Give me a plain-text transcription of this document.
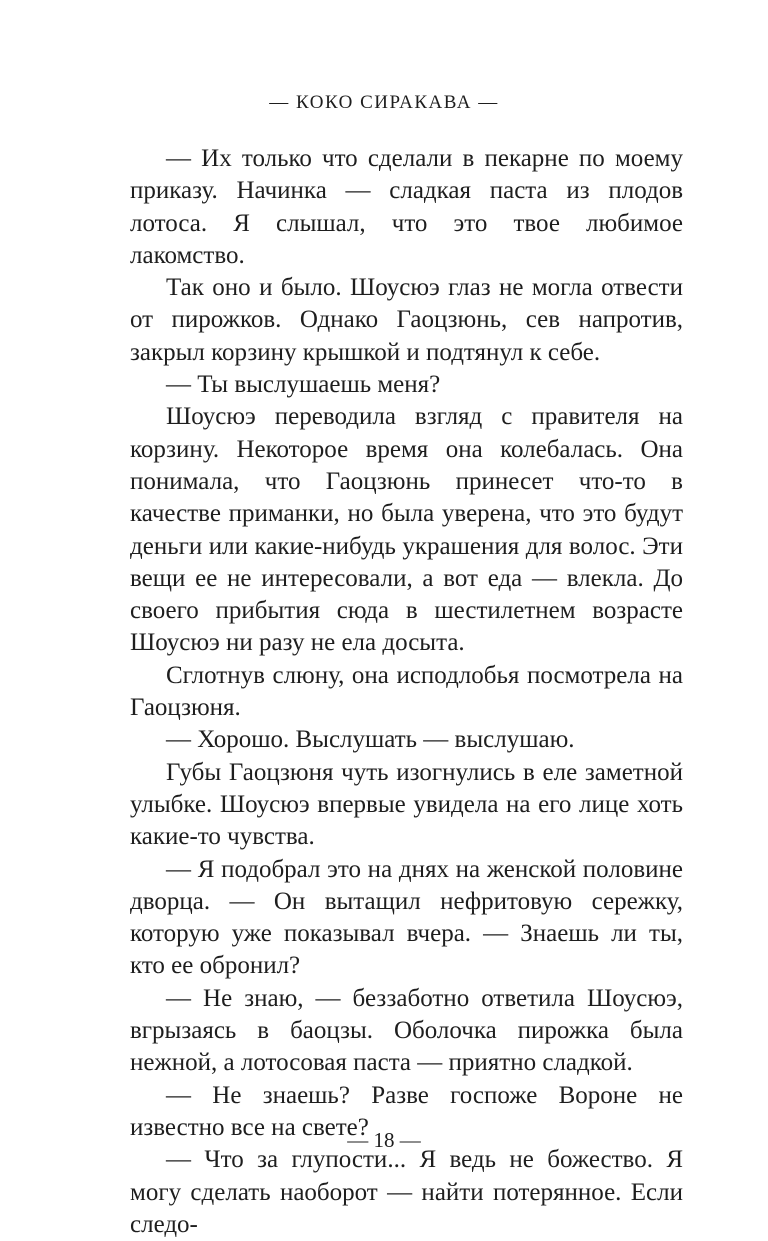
— КОКО СИРАКАВА —

— Их только что сделали в пекарне по моему приказу. Начинка — сладкая паста из плодов лотоса. Я слышал, что это твое любимое лакомство.

Так оно и было. Шоусюэ глаз не могла отвести от пирожков. Однако Гаоцзюнь, сев напротив, закрыл корзину крышкой и подтянул к себе.

— Ты выслушаешь меня?

Шоусюэ переводила взгляд с правителя на корзину. Некоторое время она колебалась. Она понимала, что Гаоцзюнь принесет что-то в качестве приманки, но была уверена, что это будут деньги или какие-нибудь украшения для волос. Эти вещи ее не интересовали, а вот еда — влекла. До своего прибытия сюда в шестилетнем возрасте Шоусюэ ни разу не ела досыта.

Сглотнув слюну, она исподлобья посмотрела на Гаоцзюня.

— Хорошо. Выслушать — выслушаю.

Губы Гаоцзюня чуть изогнулись в еле заметной улыбке. Шоусюэ впервые увидела на его лице хоть какие-то чувства.

— Я подобрал это на днях на женской половине дворца. — Он вытащил нефритовую сережку, которую уже показывал вчера. — Знаешь ли ты, кто ее обронил?

— Не знаю, — беззаботно ответила Шоусюэ, вгрызаясь в баоцзы. Оболочка пирожка была нежной, а лотосовая паста — приятно сладкой.

— Не знаешь? Разве госпоже Вороне не известно все на свете?

— Что за глупости... Я ведь не божество. Я могу сделать наоборот — найти потерянное. Если следо-

— 18 —
